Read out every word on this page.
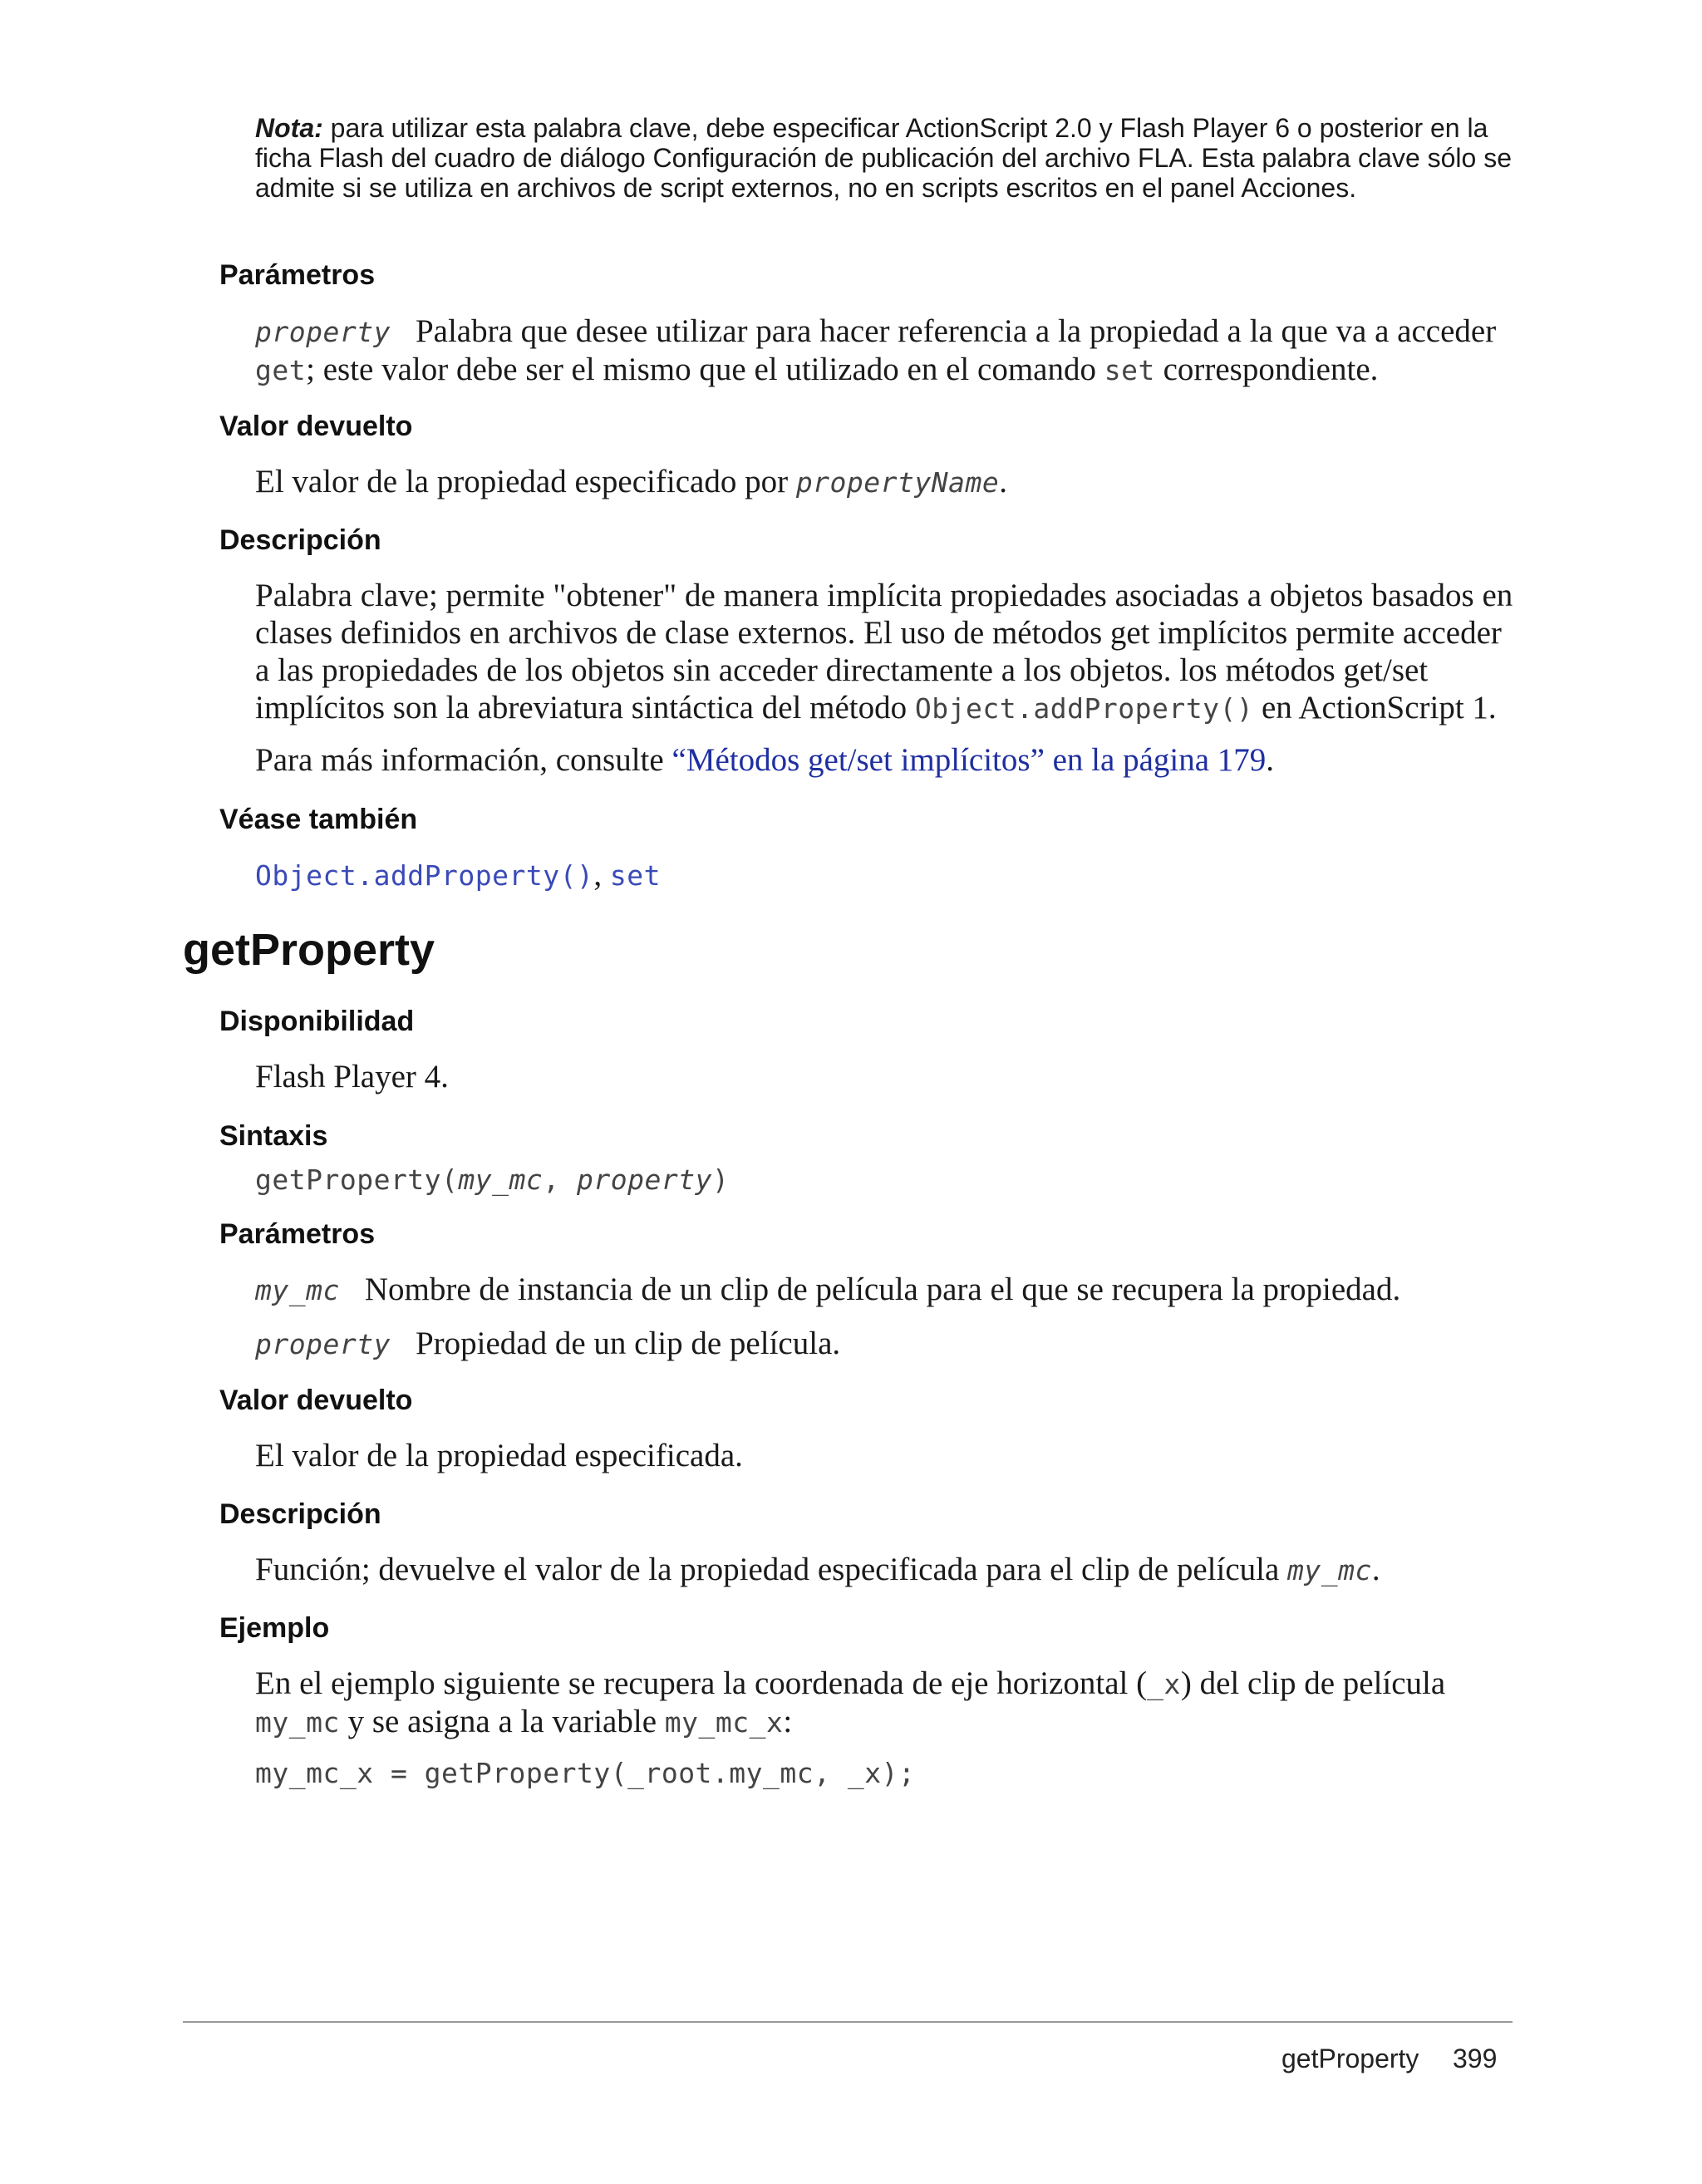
Nota: para utilizar esta palabra clave, debe especificar ActionScript 2.0 y Flash Player 6 o posterior en la ficha Flash del cuadro de diálogo Configuración de publicación del archivo FLA. Esta palabra clave sólo se admite si se utiliza en archivos de script externos, no en scripts escritos en el panel Acciones.
Parámetros
property Palabra que desee utilizar para hacer referencia a la propiedad a la que va a acceder get; este valor debe ser el mismo que el utilizado en el comando set correspondiente.
Valor devuelto
El valor de la propiedad especificado por propertyName.
Descripción
Palabra clave; permite "obtener" de manera implícita propiedades asociadas a objetos basados en clases definidos en archivos de clase externos. El uso de métodos get implícitos permite acceder a las propiedades de los objetos sin acceder directamente a los objetos. los métodos get/set implícitos son la abreviatura sintáctica del método Object.addProperty() en ActionScript 1.
Para más información, consulte “Métodos get/set implícitos” en la página 179.
Véase también
Object.addProperty(), set
getProperty
Disponibilidad
Flash Player 4.
Sintaxis
getProperty(my_mc, property)
Parámetros
my_mc Nombre de instancia de un clip de película para el que se recupera la propiedad.
property Propiedad de un clip de película.
Valor devuelto
El valor de la propiedad especificada.
Descripción
Función; devuelve el valor de la propiedad especificada para el clip de película my_mc.
Ejemplo
En el ejemplo siguiente se recupera la coordenada de eje horizontal (_x) del clip de película my_mc y se asigna a la variable my_mc_x:
my_mc_x = getProperty(_root.my_mc, _x);
getProperty 399
